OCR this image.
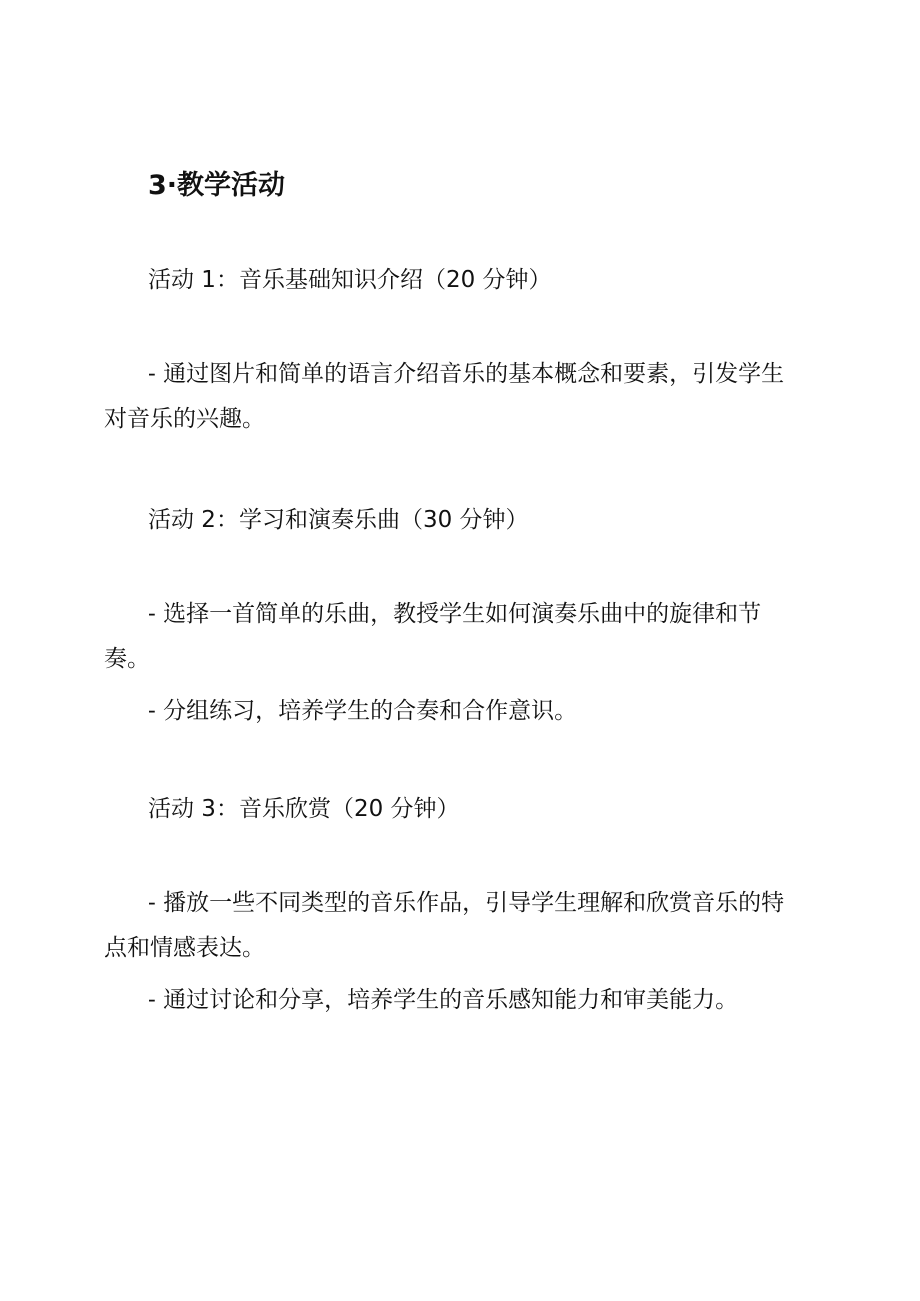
3·教学活动

活动 1：音乐基础知识介绍（20 分钟）

- 通过图片和简单的语言介绍音乐的基本概念和要素，引发学生对音乐的兴趣。

活动 2：学习和演奏乐曲（30 分钟）

- 选择一首简单的乐曲，教授学生如何演奏乐曲中的旋律和节奏。

- 分组练习，培养学生的合奏和合作意识。

活动 3：音乐欣赏（20 分钟）

- 播放一些不同类型的音乐作品，引导学生理解和欣赏音乐的特点和情感表达。

- 通过讨论和分享，培养学生的音乐感知能力和审美能力。
